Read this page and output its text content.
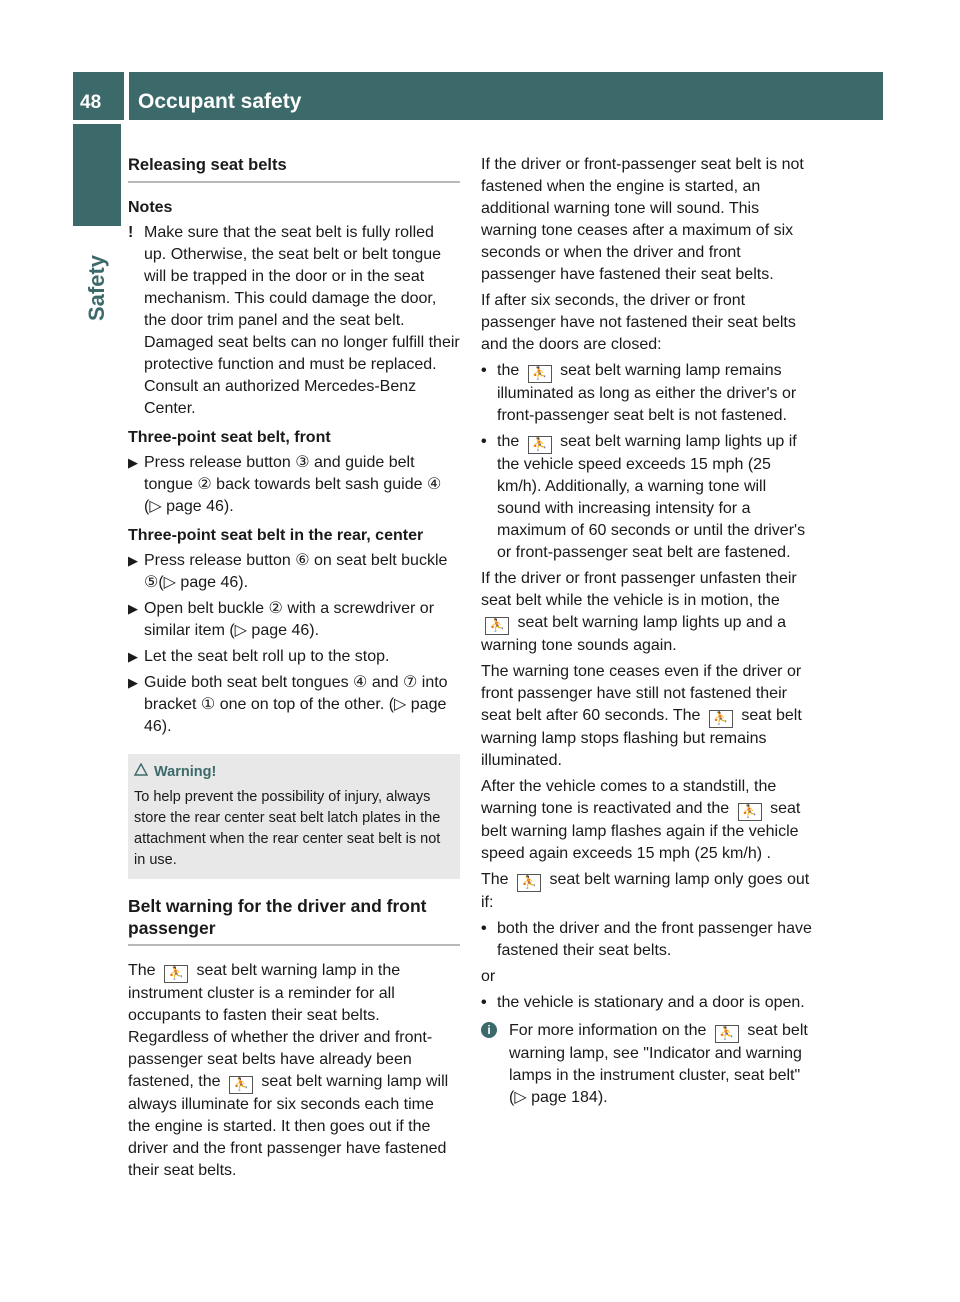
48	Occupant safety
Safety
Releasing seat belts
Notes
! Make sure that the seat belt is fully rolled up. Otherwise, the seat belt or belt tongue will be trapped in the door or in the seat mechanism. This could damage the door, the door trim panel and the seat belt. Damaged seat belts can no longer fulfill their protective function and must be replaced. Consult an authorized Mercedes-Benz Center.
Three-point seat belt, front
▶ Press release button ③ and guide belt tongue ② back towards belt sash guide ④ (▷ page 46).
Three-point seat belt in the rear, center
▶ Press release button ⑥ on seat belt buckle ⑤(▷ page 46).
▶ Open belt buckle ② with a screwdriver or similar item (▷ page 46).
▶ Let the seat belt roll up to the stop.
▶ Guide both seat belt tongues ④ and ⑦ into bracket ① one on top of the other. (▷ page 46).
Warning!
To help prevent the possibility of injury, always store the rear center seat belt latch plates in the attachment when the rear center seat belt is not in use.
Belt warning for the driver and front passenger
The ⛹ seat belt warning lamp in the instrument cluster is a reminder for all occupants to fasten their seat belts. Regardless of whether the driver and front-passenger seat belts have already been fastened, the ⛹ seat belt warning lamp will always illuminate for six seconds each time the engine is started. It then goes out if the driver and the front passenger have fastened their seat belts.
If the driver or front-passenger seat belt is not fastened when the engine is started, an additional warning tone will sound. This warning tone ceases after a maximum of six seconds or when the driver and front passenger have fastened their seat belts.
If after six seconds, the driver or front passenger have not fastened their seat belts and the doors are closed:
• the ⛹ seat belt warning lamp remains illuminated as long as either the driver's or front-passenger seat belt is not fastened.
• the ⛹ seat belt warning lamp lights up if the vehicle speed exceeds 15 mph (25 km/h). Additionally, a warning tone will sound with increasing intensity for a maximum of 60 seconds or until the driver's or front-passenger seat belt are fastened.
If the driver or front passenger unfasten their seat belt while the vehicle is in motion, the ⛹ seat belt warning lamp lights up and a warning tone sounds again.
The warning tone ceases even if the driver or front passenger have still not fastened their seat belt after 60 seconds. The ⛹ seat belt warning lamp stops flashing but remains illuminated.
After the vehicle comes to a standstill, the warning tone is reactivated and the ⛹ seat belt warning lamp flashes again if the vehicle speed again exceeds 15 mph (25 km/h) .
The ⛹ seat belt warning lamp only goes out if:
• both the driver and the front passenger have fastened their seat belts.
or
• the vehicle is stationary and a door is open.
i	For more information on the ⛹ seat belt warning lamp, see "Indicator and warning lamps in the instrument cluster, seat belt" (▷ page 184).
